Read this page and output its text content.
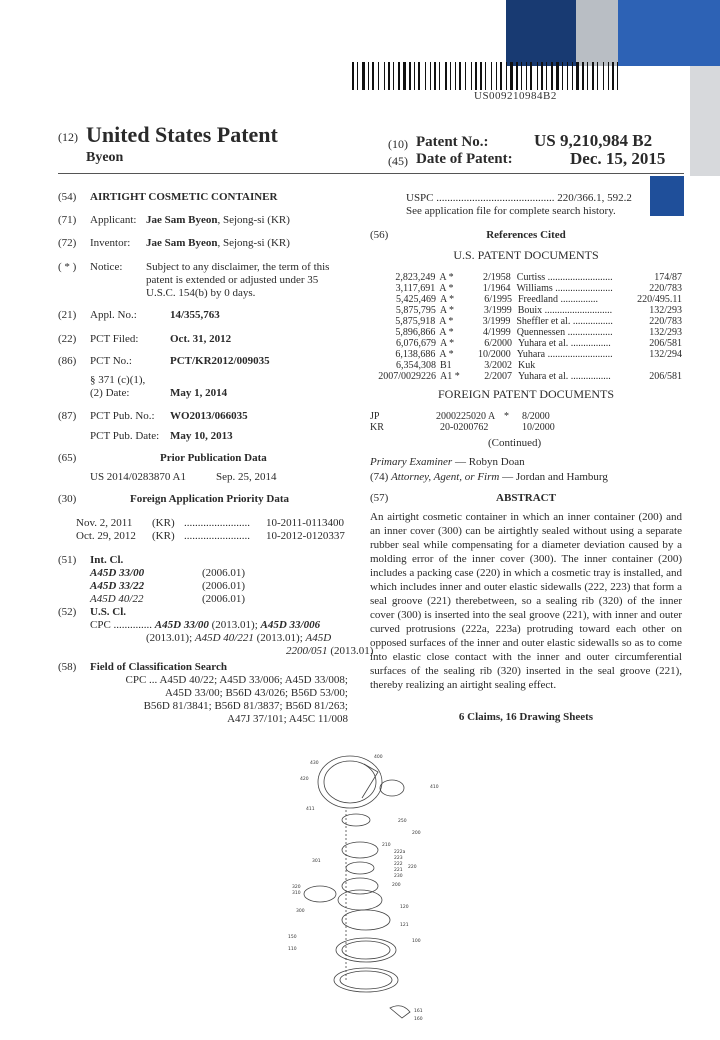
US009210984B2
(12) United States Patent
Byeon
(10) Patent No.:	US 9,210,984 B2
(45) Date of Patent:	Dec. 15, 2015
(54) AIRTIGHT COSMETIC CONTAINER
(71) Applicant: Jae Sam Byeon, Sejong-si (KR)
(72) Inventor: Jae Sam Byeon, Sejong-si (KR)
( * ) Notice: Subject to any disclaimer, the term of this
patent is extended or adjusted under 35
U.S.C. 154(b) by 0 days.
(21) Appl. No.:	14/355,763
(22) PCT Filed:	Oct. 31, 2012
(86) PCT No.:	PCT/KR2012/009035
§ 371 (c)(1),
(2) Date:	May 1, 2014
(87) PCT Pub. No.: WO2013/066035
PCT Pub. Date: May 10, 2013
(65)	Prior Publication Data
US 2014/0283870 A1	Sep. 25, 2014
(30)	Foreign Application Priority Data
Nov. 2, 2011 (KR) ........................	10-2011-0113400
Oct. 29, 2012 (KR) ........................	10-2012-0120337
(51) Int. Cl.
A45D 33/00	(2006.01)
A45D 33/22	(2006.01)
A45D 40/22	(2006.01)
(52) U.S. Cl.
CPC .............. A45D 33/00 (2013.01); A45D 33/006
(2013.01); A45D 40/221 (2013.01); A45D
2200/051 (2013.01)
(58) Field of Classification Search
CPC ... A45D 40/22; A45D 33/006; A45D 33/008;
A45D 33/00; B56D 43/026; B56D 53/00;
B56D 81/3841; B56D 81/3837; B56D 81/263;
A47J 37/101; A45C 11/008
USPC ........................................... 220/366.1, 592.2
See application file for complete search history.
(56)	References Cited
U.S. PATENT DOCUMENTS
2,823,249 A *	2/1958 Curtiss ..........................	174/87
3,117,691 A *	1/1964 Williams .......................	220/783
5,425,469 A *	6/1995 Freedland ...............	220/495.11
5,875,795 A *	3/1999 Bouix ...........................	132/293
5,875,918 A *	3/1999 Sheffler et al. ................	220/783
5,896,866 A *	4/1999 Quennessen ..................	132/293
6,076,679 A *	6/2000 Yuhara et al. ................	206/581
6,138,686 A *	10/2000 Yuhara ..........................	132/294
6,354,308 B1	3/2002 Kuk
2007/0029226 A1 *	2/2007 Yuhara et al. ................	206/581
FOREIGN PATENT DOCUMENTS
JP	2000225020 A * 8/2000
KR	20-0200762	10/2000
(Continued)
Primary Examiner — Robyn Doan
(74) Attorney, Agent, or Firm — Jordan and Hamburg
(57)	ABSTRACT
An airtight cosmetic container in which an inner container (200) and an inner cover (300) can be airtightly sealed without using a separate rubber seal while compensating for a diameter deviation caused by a molding error of the inner cover (300). The inner container (200) includes a packing case (220) in which a cosmetic tray is installed, and which includes inner and outer elastic sidewalls (222, 223) that form a seal groove (221) therebetween, so a sealing rib (320) of the inner cover (300) is inserted into the seal groove (221), with inner and outer curved protrusions (222a, 223a) protruding toward each other on opposed surfaces of the inner and outer elastic sidewalls so as to come into elastic close contact with the inner and outer circumferential surfaces of the sealing rib (320) inserted in the seal groove (221), thereby realizing an airtight sealing effect.
6 Claims, 16 Drawing Sheets
430
400
420
410
411
250
200
210
222a
223
222
220
221
230
301
320
310
300
200
120
121
150
100
110
161
160
